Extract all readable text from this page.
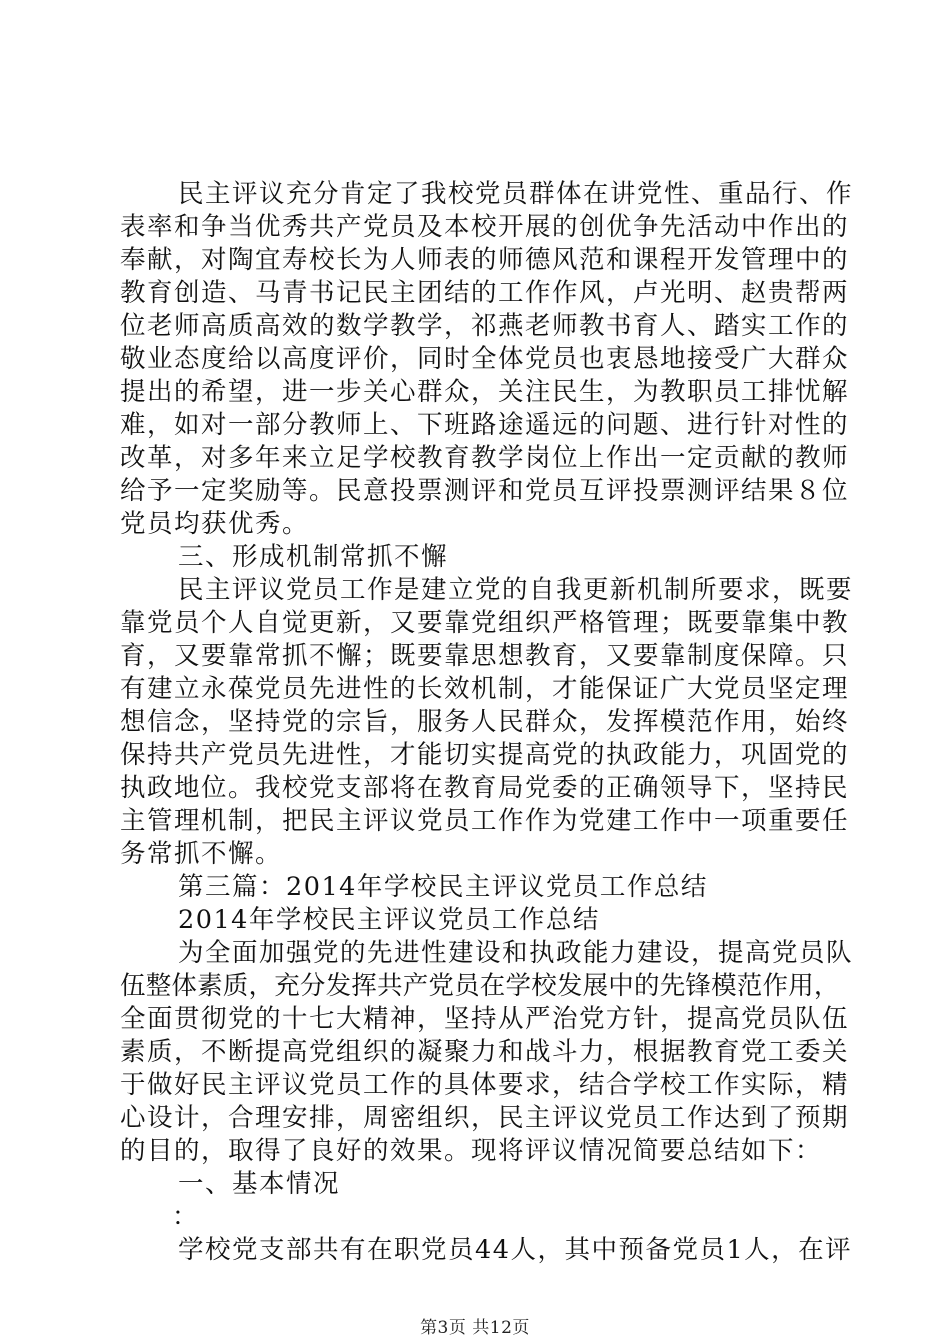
民主评议充分肯定了我校党员群体在讲党性、重品行、作
表率和争当优秀共产党员及本校开展的创优争先活动中作出的
奉献，对陶宜寿校长为人师表的师德风范和课程开发管理中的
教育创造、马青书记民主团结的工作作风，卢光明、赵贵帮两
位老师高质高效的数学教学，祁燕老师教书育人、踏实工作的
敬业态度给以高度评价，同时全体党员也衷恳地接受广大群众
提出的希望，进一步关心群众，关注民生，为教职员工排忧解
难，如对一部分教师上、下班路途遥远的问题、进行针对性的
改革，对多年来立足学校教育教学岗位上作出一定贡献的教师
给予一定奖励等。民意投票测评和党员互评投票测评结果８位
党员均获优秀。
三、形成机制常抓不懈
民主评议党员工作是建立党的自我更新机制所要求，既要
靠党员个人自觉更新，又要靠党组织严格管理；既要靠集中教
育，又要靠常抓不懈；既要靠思想教育，又要靠制度保障。只
有建立永葆党员先进性的长效机制，才能保证广大党员坚定理
想信念，坚持党的宗旨，服务人民群众，发挥模范作用，始终
保持共产党员先进性，才能切实提高党的执政能力，巩固党的
执政地位。我校党支部将在教育局党委的正确领导下，坚持民
主管理机制，把民主评议党员工作作为党建工作中一项重要任
务常抓不懈。
第三篇：2014年学校民主评议党员工作总结
2014年学校民主评议党员工作总结
为全面加强党的先进性建设和执政能力建设，提高党员队
伍整体素质，充分发挥共产党员在学校发展中的先锋模范作用，
全面贯彻党的十七大精神，坚持从严治党方针，提高党员队伍
素质，不断提高党组织的凝聚力和战斗力，根据教育党工委关
于做好民主评议党员工作的具体要求，结合学校工作实际，精
心设计，合理安排，周密组织，民主评议党员工作达到了预期
的目的，取得了良好的效果。现将评议情况简要总结如下：
一、基本情况
：
学校党支部共有在职党员44人，其中预备党员1人，在评
第3页 共12页
